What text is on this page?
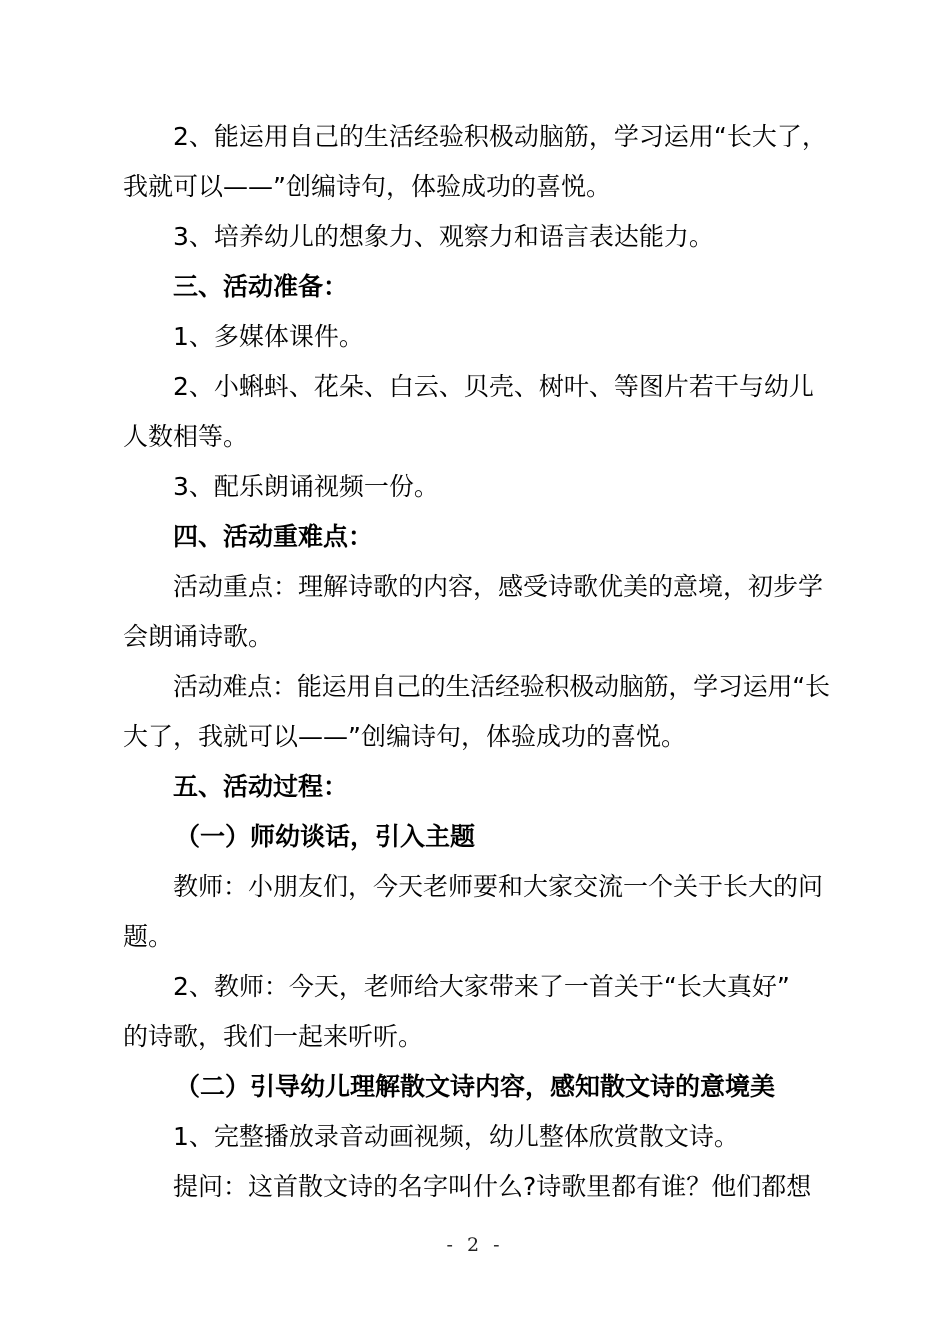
2、能运用自己的生活经验积极动脑筋，学习运用“长大了，
我就可以——”创编诗句，体验成功的喜悦。
3、培养幼儿的想象力、观察力和语言表达能力。
三、活动准备：
1、多媒体课件。
2、小蝌蚪、花朵、白云、贝壳、树叶、等图片若干与幼儿
人数相等。
3、配乐朗诵视频一份。
四、活动重难点：
活动重点：理解诗歌的内容，感受诗歌优美的意境，初步学
会朗诵诗歌。
活动难点：能运用自己的生活经验积极动脑筋，学习运用“长
大了，我就可以——”创编诗句，体验成功的喜悦。
五、活动过程：
（一）师幼谈话，引入主题
教师：小朋友们，今天老师要和大家交流一个关于长大的问
题。
2、教师：今天，老师给大家带来了一首关于“长大真好”
的诗歌，我们一起来听听。
（二）引导幼儿理解散文诗内容，感知散文诗的意境美
1、完整播放录音动画视频，幼儿整体欣赏散文诗。
提问：这首散文诗的名字叫什么?诗歌里都有谁？他们都想
- 2 -
